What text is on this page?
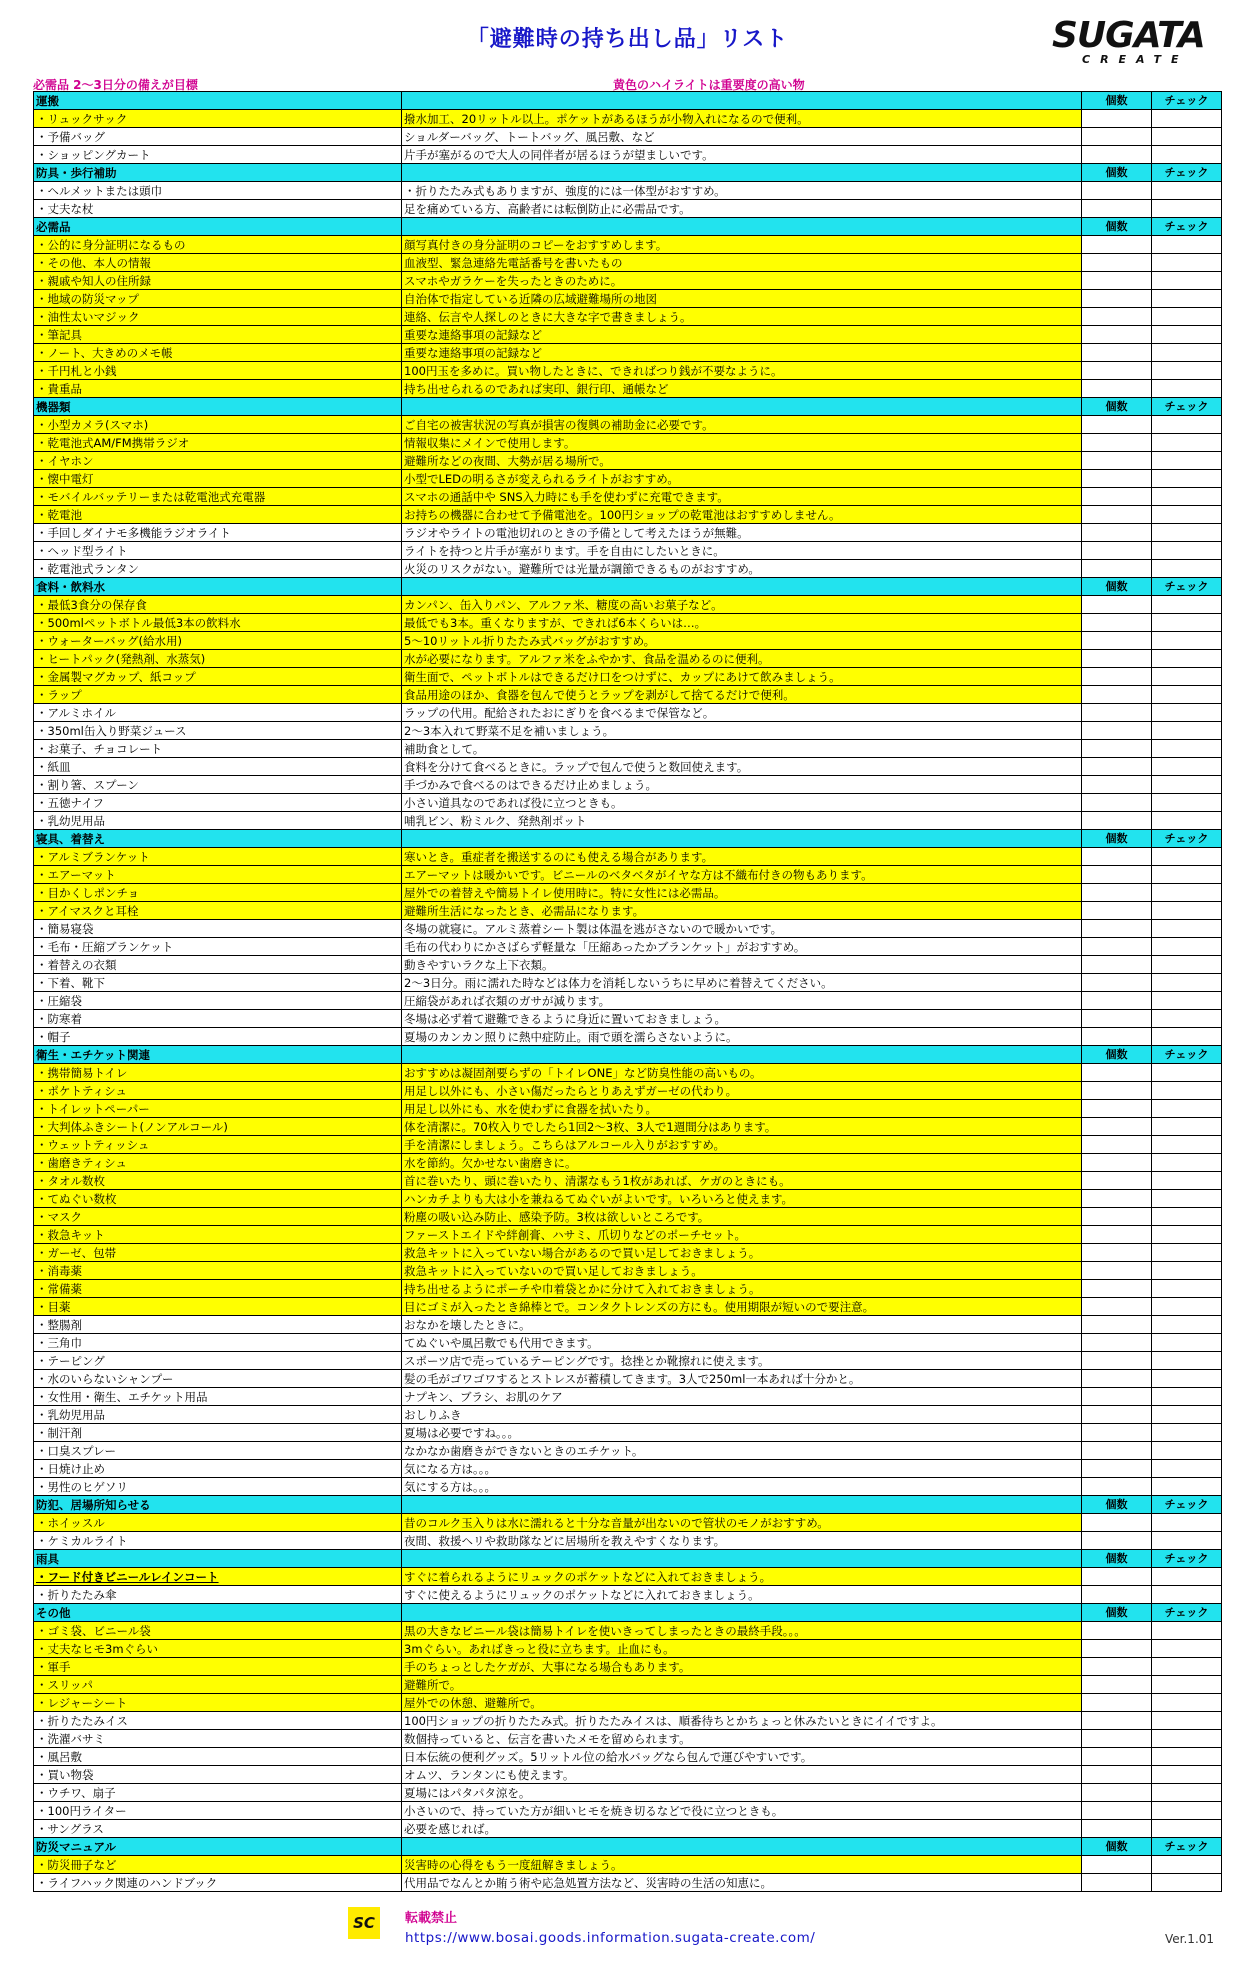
「避難時の持ち出し品」リスト	SUGATA
CREATE
必需品 2〜3日分の備えが目標	黄色のハイライトは重要度の高い物
運搬		個数	チェック
・リュックサック	撥水加工、20リットル以上。ポケットがあるほうが小物入れになるので便利。		
・予備バッグ	ショルダーバッグ、トートバッグ、風呂敷、など		
・ショッピングカート	片手が塞がるので大人の同伴者が居るほうが望ましいです。		
防具・歩行補助		個数	チェック
・ヘルメットまたは頭巾	・折りたたみ式もありますが、強度的には一体型がおすすめ。		
・丈夫な杖	足を痛めている方、高齢者には転倒防止に必需品です。		
必需品		個数	チェック
・公的に身分証明になるもの	顔写真付きの身分証明のコピーをおすすめします。		
・その他、本人の情報	血液型、緊急連絡先電話番号を書いたもの		
・親戚や知人の住所録	スマホやガラケーを失ったときのために。		
・地域の防災マップ	自治体で指定している近隣の広域避難場所の地図		
・油性太いマジック	連絡、伝言や人探しのときに大きな字で書きましょう。		
・筆記具	重要な連絡事項の記録など		
・ノート、大きめのメモ帳	重要な連絡事項の記録など		
・千円札と小銭	100円玉を多めに。買い物したときに、できればつり銭が不要なように。		
・貴重品	持ち出せられるのであれば実印、銀行印、通帳など		
機器類		個数	チェック
・小型カメラ(スマホ)	ご自宅の被害状況の写真が損害の復興の補助金に必要です。		
・乾電池式AM/FM携帯ラジオ	情報収集にメインで使用します。		
・イヤホン	避難所などの夜間、大勢が居る場所で。		
・懐中電灯	小型でLEDの明るさが変えられるライトがおすすめ。		
・モバイルバッテリーまたは乾電池式充電器	スマホの通話中や SNS入力時にも手を使わずに充電できます。		
・乾電池	お持ちの機器に合わせて予備電池を。100円ショップの乾電池はおすすめしません。		
・手回しダイナモ多機能ラジオライト	ラジオやライトの電池切れのときの予備として考えたほうが無難。		
・ヘッド型ライト	ライトを持つと片手が塞がります。手を自由にしたいときに。		
・乾電池式ランタン	火災のリスクがない。避難所では光量が調節できるものがおすすめ。		
食料・飲料水		個数	チェック
・最低3食分の保存食	カンパン、缶入りパン、アルファ米、糖度の高いお菓子など。		
・500mlペットボトル最低3本の飲料水	最低でも3本。重くなりますが、できれば6本くらいは…。		
・ウォーターバッグ(給水用)	5〜10リットル折りたたみ式バッグがおすすめ。		
・ヒートパック(発熱剤、水蒸気)	水が必要になります。アルファ米をふやかす、食品を温めるのに便利。		
・金属製マグカップ、紙コップ	衛生面で、ペットボトルはできるだけ口をつけずに、カップにあけて飲みましょう。		
・ラップ	食品用途のほか、食器を包んで使うとラップを剥がして捨てるだけで便利。		
・アルミホイル	ラップの代用。配給されたおにぎりを食べるまで保管など。		
・350ml缶入り野菜ジュース	2〜3本入れて野菜不足を補いましょう。		
・お菓子、チョコレート	補助食として。		
・紙皿	食料を分けて食べるときに。ラップで包んで使うと数回使えます。		
・割り箸、スプーン	手づかみで食べるのはできるだけ止めましょう。		
・五徳ナイフ	小さい道具なのであれば役に立つときも。		
・乳幼児用品	哺乳ビン、粉ミルク、発熱剤ポット		
寝具、着替え		個数	チェック
・アルミブランケット	寒いとき。重症者を搬送するのにも使える場合があります。		
・エアーマット	エアーマットは暖かいです。ビニールのベタベタがイヤな方は不織布付きの物もあります。		
・目かくしポンチョ	屋外での着替えや簡易トイレ使用時に。特に女性には必需品。		
・アイマスクと耳栓	避難所生活になったとき、必需品になります。		
・簡易寝袋	冬場の就寝に。アルミ蒸着シート製は体温を逃がさないので暖かいです。		
・毛布・圧縮ブランケット	毛布の代わりにかさばらず軽量な「圧縮あったかブランケット」がおすすめ。		
・着替えの衣類	動きやすいラクな上下衣類。		
・下着、靴下	2〜3日分。雨に濡れた時などは体力を消耗しないうちに早めに着替えてください。		
・圧縮袋	圧縮袋があれば衣類のガサが減ります。		
・防寒着	冬場は必ず着て避難できるように身近に置いておきましょう。		
・帽子	夏場のカンカン照りに熱中症防止。雨で頭を濡らさないように。		
衛生・エチケット関連		個数	チェック
・携帯簡易トイレ	おすすめは凝固剤要らずの「トイレONE」など防臭性能の高いもの。		
・ポケトティシュ	用足し以外にも、小さい傷だったらとりあえずガーゼの代わり。		
・トイレットペーパー	用足し以外にも、水を使わずに食器を拭いたり。		
・大判体ふきシート(ノンアルコール)	体を清潔に。70枚入りでしたら1回2〜3枚、3人で1週間分はあります。		
・ウェットティッシュ	手を清潔にしましょう。こちらはアルコール入りがおすすめ。		
・歯磨きティシュ	水を節約。欠かせない歯磨きに。		
・タオル数枚	首に巻いたり、頭に巻いたり、清潔なもう1枚があれば、ケガのときにも。		
・てぬぐい数枚	ハンカチよりも大は小を兼ねるてぬぐいがよいです。いろいろと使えます。		
・マスク	粉塵の吸い込み防止、感染予防。3枚は欲しいところです。		
・救急キット	ファーストエイドや絆創膏、ハサミ、爪切りなどのポーチセット。		
・ガーゼ、包帯	救急キットに入っていない場合があるので買い足しておきましょう。		
・消毒薬	救急キットに入っていないので買い足しておきましょう。		
・常備薬	持ち出せるようにポーチや巾着袋とかに分けて入れておきましょう。		
・目薬	目にゴミが入ったとき綿棒とで。コンタクトレンズの方にも。使用期限が短いので要注意。		
・整腸剤	おなかを壊したときに。		
・三角巾	てぬぐいや風呂敷でも代用できます。		
・テーピング	スポーツ店で売っているテーピングです。捻挫とか靴擦れに使えます。		
・水のいらないシャンプー	髪の毛がゴワゴワするとストレスが蓄積してきます。3人で250ml一本あれば十分かと。		
・女性用・衛生、エチケット用品	ナプキン、ブラシ、お肌のケア		
・乳幼児用品	おしりふき		
・制汗剤	夏場は必要ですね。。。		
・口臭スプレー	なかなか歯磨きができないときのエチケット。		
・日焼け止め	気になる方は。。。		
・男性のヒゲソリ	気にする方は。。。		
防犯、居場所知らせる		個数	チェック
・ホイッスル	昔のコルク玉入りは水に濡れると十分な音量が出ないので管状のモノがおすすめ。		
・ケミカルライト	夜間、救援ヘリや救助隊などに居場所を教えやすくなります。		
雨具		個数	チェック
・フード付きビニールレインコート	すぐに着られるようにリュックのポケットなどに入れておきましょう。		
・折りたたみ傘	すぐに使えるようにリュックのポケットなどに入れておきましょう。		
その他		個数	チェック
・ゴミ袋、ビニール袋	黒の大きなビニール袋は簡易トイレを使いきってしまったときの最終手段。。。		
・丈夫なヒモ3mぐらい	3mぐらい。あればきっと役に立ちます。止血にも。		
・軍手	手のちょっとしたケガが、大事になる場合もあります。		
・スリッパ	避難所で。		
・レジャーシート	屋外での休憩、避難所で。		
・折りたたみイス	100円ショップの折りたたみ式。折りたたみイスは、順番待ちとかちょっと休みたいときにイイですよ。		
・洗濯バサミ	数個持っていると、伝言を書いたメモを留められます。		
・風呂敷	日本伝統の便利グッズ。5リットル位の給水バッグなら包んで運びやすいです。		
・買い物袋	オムツ、ランタンにも使えます。		
・ウチワ、扇子	夏場にはパタパタ涼を。		
・100円ライター	小さいので、持っていた方が細いヒモを焼き切るなどで役に立つときも。		
・サングラス	必要を感じれば。		
防災マニュアル		個数	チェック
・防災冊子など	災害時の心得をもう一度紐解きましょう。		
・ライフハック関連のハンドブック	代用品でなんとか賄う術や応急処置方法など、災害時の生活の知恵に。		
SC	転載禁止
https://www.bosai.goods.information.sugata-create.com/	Ver.1.01
